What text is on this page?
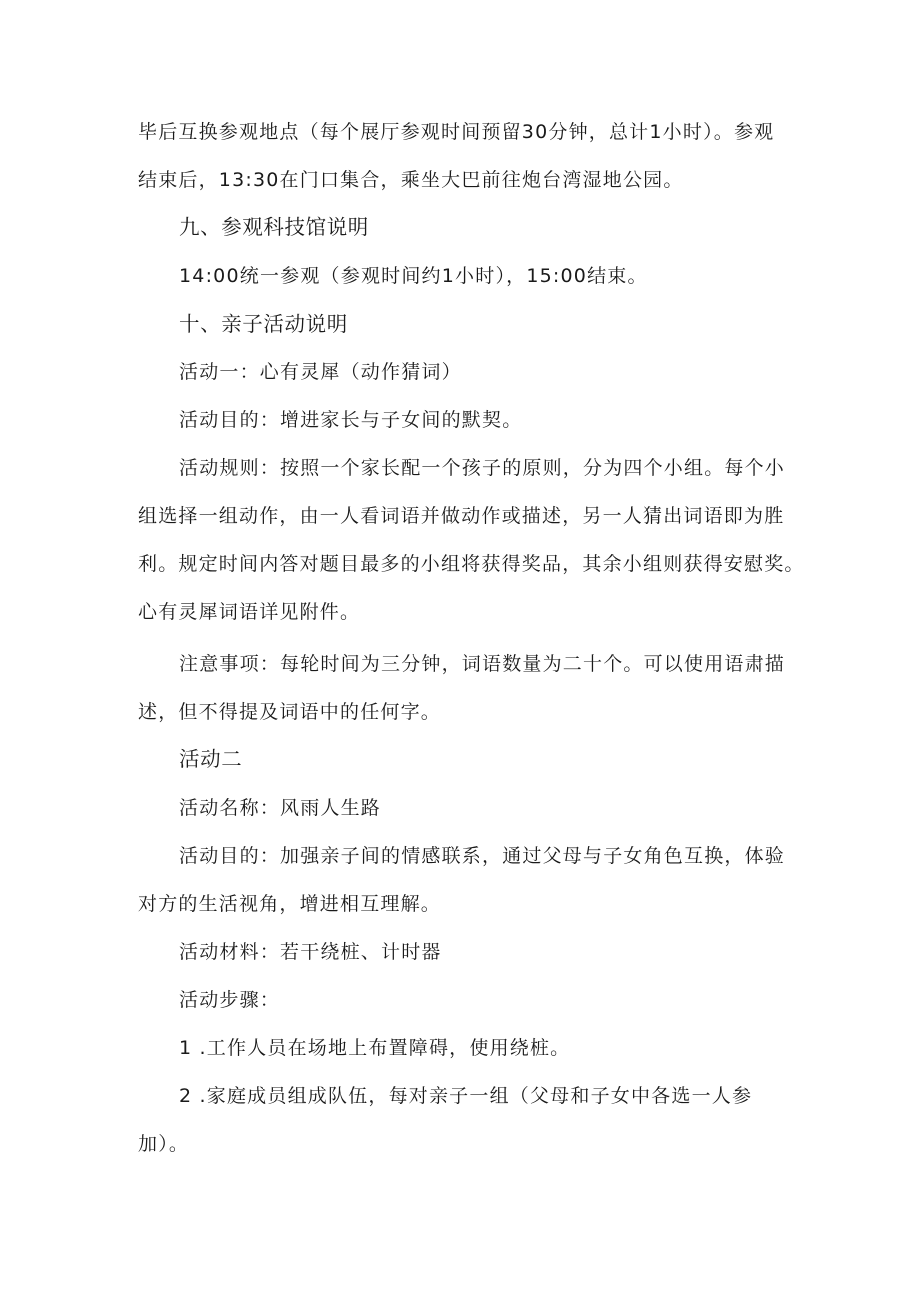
毕后互换参观地点（每个展厅参观时间预留30分钟，总计1小时）。参观
结束后，13:30在门口集合，乘坐大巴前往炮台湾湿地公园。
九、参观科技馆说明
14:00统一参观（参观时间约1小时），15:00结束。
十、亲子活动说明
活动一：心有灵犀（动作猜词）
活动目的：增进家长与子女间的默契。
活动规则：按照一个家长配一个孩子的原则，分为四个小组。每个小
组选择一组动作，由一人看词语并做动作或描述，另一人猜出词语即为胜
利。规定时间内答对题目最多的小组将获得奖品，其余小组则获得安慰奖。
心有灵犀词语详见附件。
注意事项：每轮时间为三分钟，词语数量为二十个。可以使用语肃描
述，但不得提及词语中的任何字。
活动二
活动名称：风雨人生路
活动目的：加强亲子间的情感联系，通过父母与子女角色互换，体验
对方的生活视角，增进相互理解。
活动材料：若干绕桩、计时器
活动步骤：
1 .工作人员在场地上布置障碍，使用绕桩。
2 .家庭成员组成队伍，每对亲子一组（父母和子女中各选一人参
加）。
